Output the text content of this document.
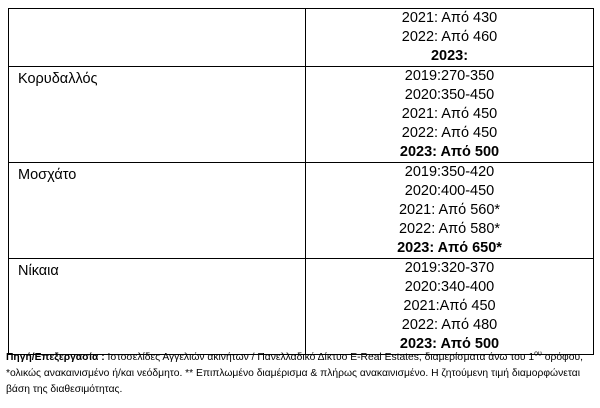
	2021: Από 430
2022: Από 460
2023:

Κορυδαλλός	2019:270-350
2020:350-450
2021: Από 450
2022: Από 450
2023: Από 500

Μοσχάτο	2019:350-420
2020:400-450
2021: Από 560*
2022: Από 580*
2023: Από 650*

Νίκαια	2019:320-370
2020:340-400
2021:Από 450
2022: Από 480
2023: Από 500
Πηγή/Επεξεργασία : Ιστοσελίδες Αγγελιών ακινήτων / Πανελλαδικό Δίκτυο E-Real Estates, διαμερίσματα άνω του $1^{o\upsilon}$ ορόφου, *ολικώς ανακαινισμένο ή/και νεόδμητο. ** Επιπλωμένο διαμέρισμα & πλήρως ανακαινισμένο. Η ζητούμενη τιμή διαμορφώνεται βάση της διαθεσιμότητας.
